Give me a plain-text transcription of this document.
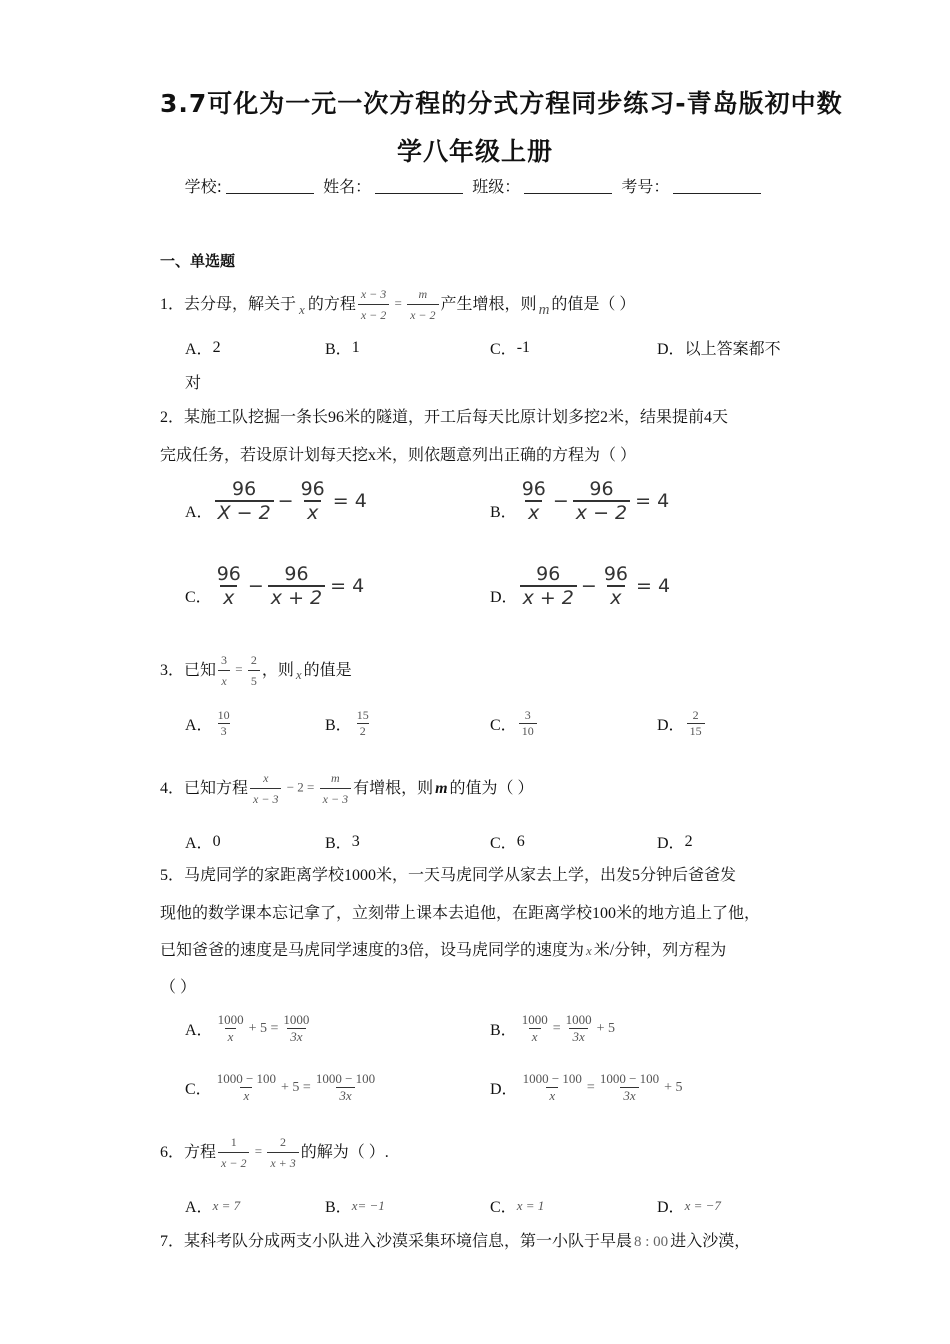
3.7可化为一元一次方程的分式方程同步练习-青岛版初中数
学八年级上册
学校:	姓名：	班级：	考号：
一、单选题
1． 去分母，解关于 x 的方程 $\frac{x - 3}{x - 2} = \frac{m}{x - 2}$ 产生增根，则 m 的值是（ ）
A． 2	B． 1	C． -1	D． 以上答案都不
对
2．某施工队挖掘一条长96米的隧道，开工后每天比原计划多挖2米，结果提前4天
完成任务，若设原计划每天挖x米，则依题意列出正确的方程为（ ）
A． $\frac{96}{X - 2} - \frac{96}{x} = 4$	B． $\frac{96}{x} - \frac{96}{x - 2} = 4$
C． $\frac{96}{x} - \frac{96}{x + 2} = 4$	D． $\frac{96}{x + 2} - \frac{96}{x} = 4$
3． 已知 $\frac{3}{x} = \frac{2}{5}$ ，则 x 的值是
A． $\frac{10}{3}$	B． $\frac{15}{2}$	C． $\frac{3}{10}$	D． $\frac{2}{15}$
4． 已知方程 $\frac{x}{x - 3} - 2 = \frac{m}{x - 3}$ 有增根，则 m 的值为（ ）
A． 0	B． 3	C． 6	D． 2
5．马虎同学的家距离学校1000米，一天马虎同学从家去上学，出发5分钟后爸爸发
现他的数学课本忘记拿了，立刻带上课本去追他，在距离学校100米的地方追上了他，
已知爸爸的速度是马虎同学速度的3倍，设马虎同学的速度为 x 米/分钟，列方程为
（ ）
A． $\frac{1000}{x} + 5 = \frac{1000}{3x}$	B． $\frac{1000}{x} = \frac{1000}{3x} + 5$
C． $\frac{1000 - 100}{x} + 5 = \frac{1000 - 100}{3x}$	D． $\frac{1000 - 100}{x} = \frac{1000 - 100}{3x} + 5$
6． 方程 $\frac{1}{x - 2} = \frac{2}{x + 3}$ 的解为（ ）.
A． x = 7	B． x= −1	C． x = 1	D． x = −7
7．某科考队分成两支小队进入沙漠采集环境信息，第一小队于早晨 8 : 00 进入沙漠，
